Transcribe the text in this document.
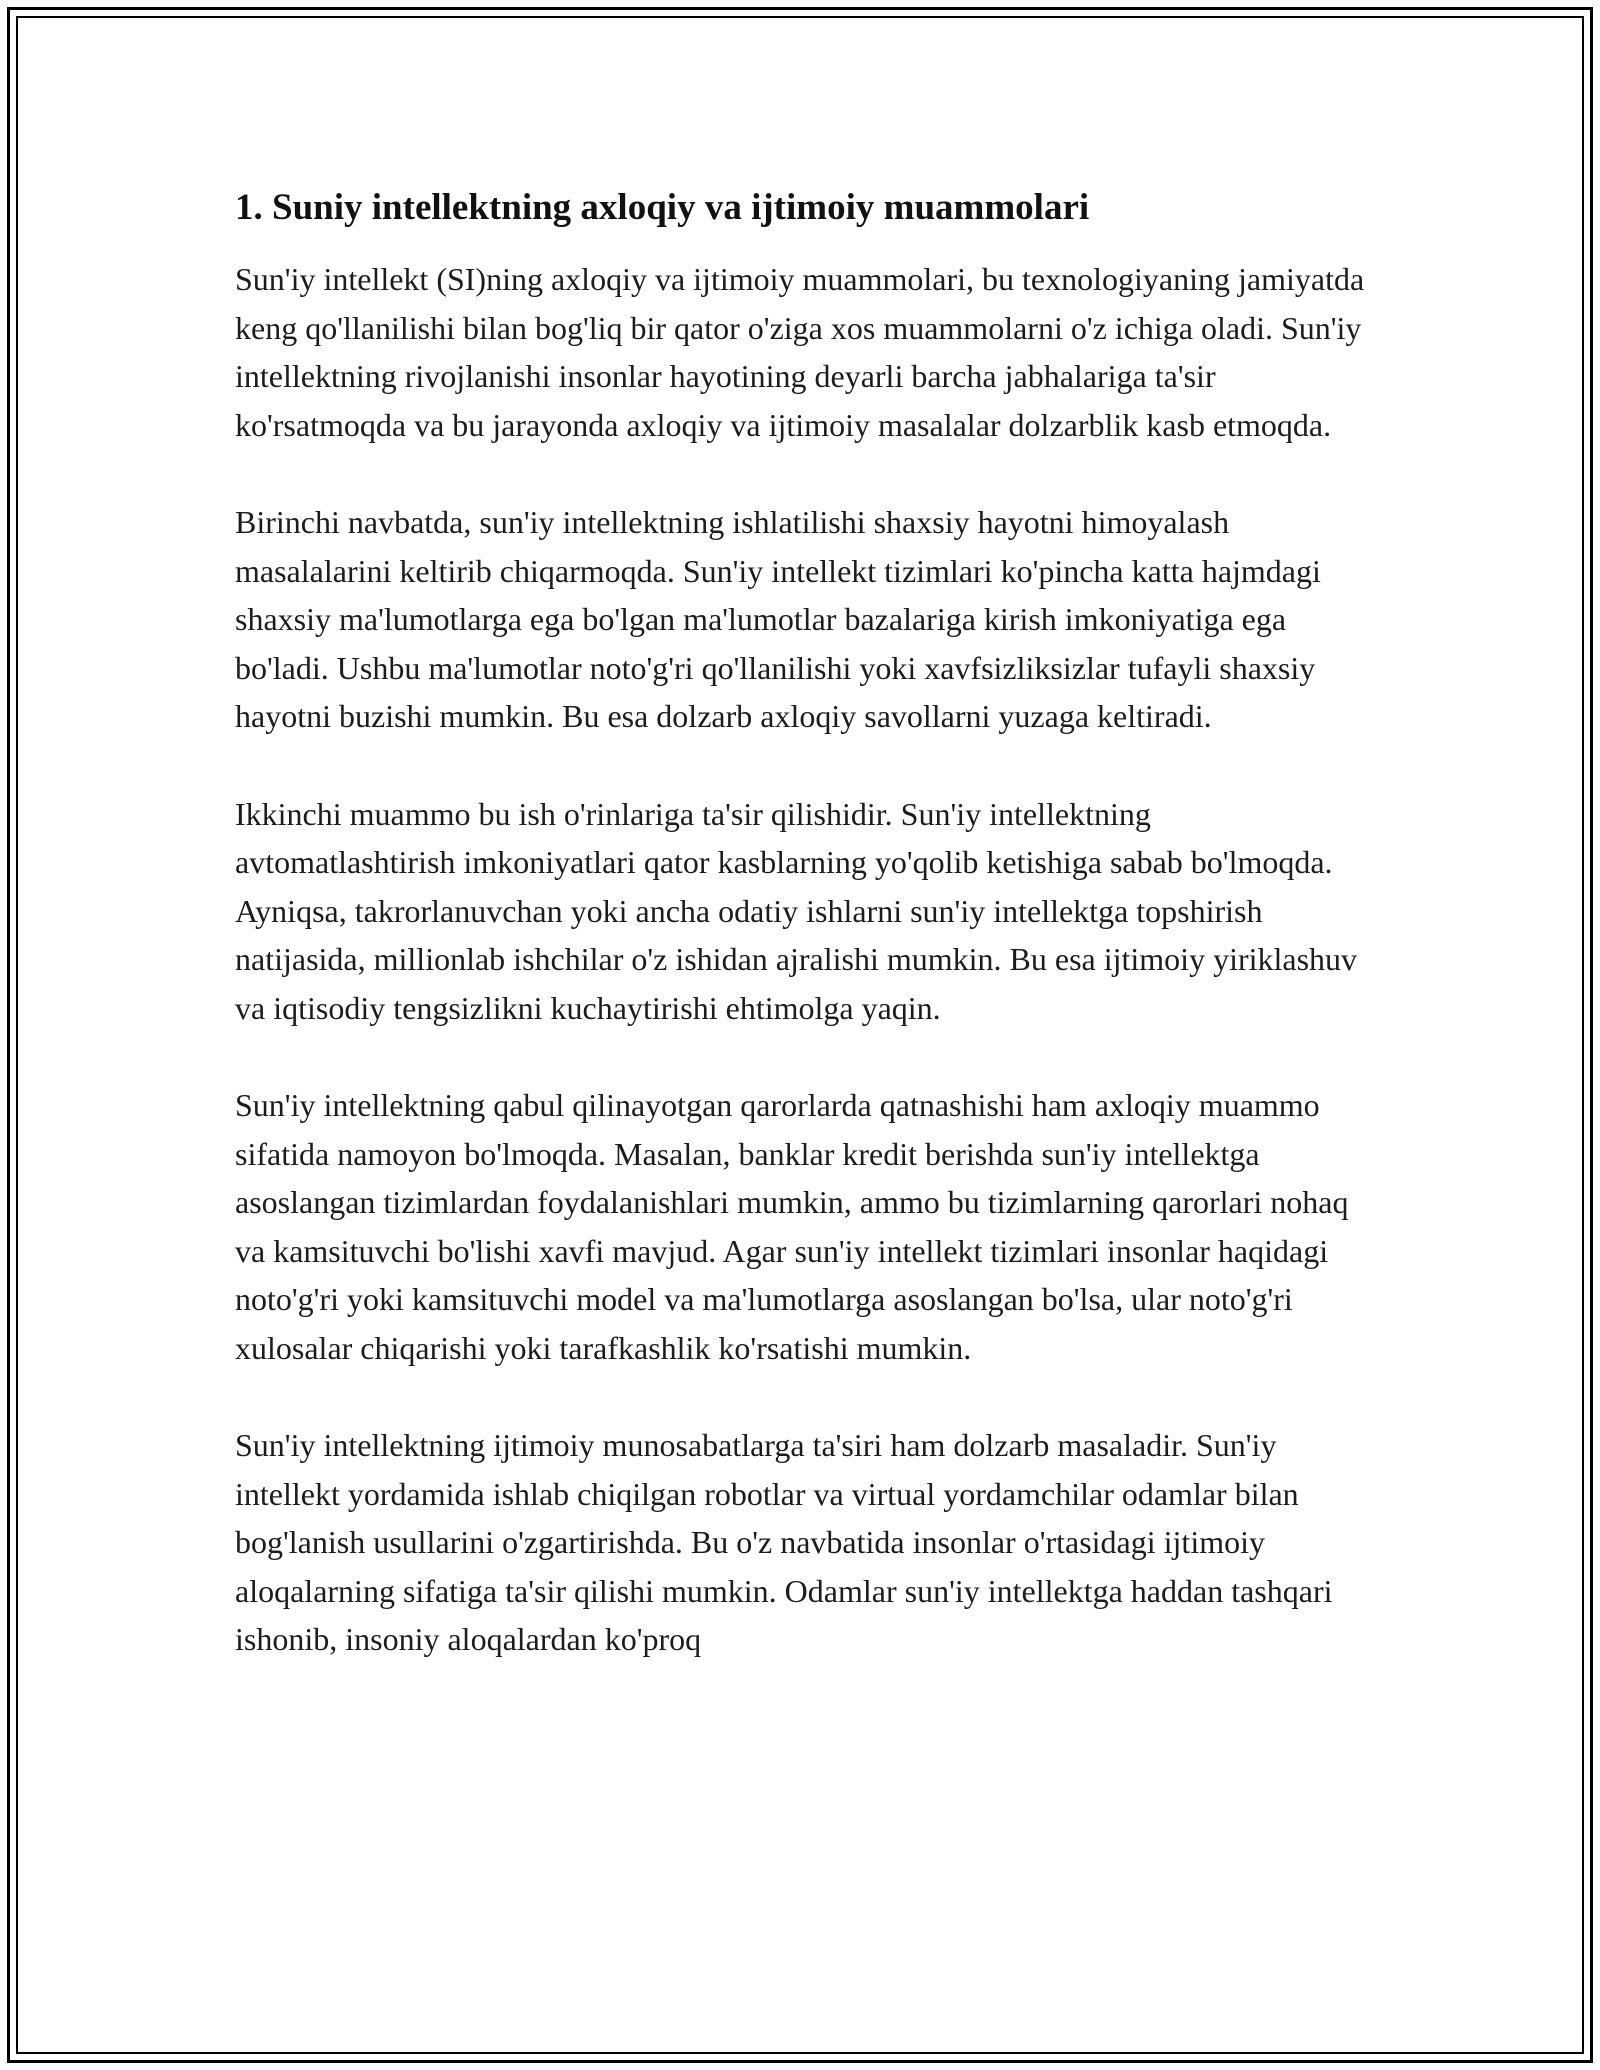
1. Suniy intellektning axloqiy va ijtimoiy muammolari

Sun'iy intellekt (SI)ning axloqiy va ijtimoiy muammolari, bu texnologiyaning jamiyatda keng qo'llanilishi bilan bog'liq bir qator o'ziga xos muammolarni o'z ichiga oladi. Sun'iy intellektning rivojlanishi insonlar hayotining deyarli barcha jabhalariga ta'sir ko'rsatmoqda va bu jarayonda axloqiy va ijtimoiy masalalar dolzarblik kasb etmoqda.

Birinchi navbatda, sun'iy intellektning ishlatilishi shaxsiy hayotni himoyalash masalalarini keltirib chiqarmoqda. Sun'iy intellekt tizimlari ko'pincha katta hajmdagi shaxsiy ma'lumotlarga ega bo'lgan ma'lumotlar bazalariga kirish imkoniyatiga ega bo'ladi. Ushbu ma'lumotlar noto'g'ri qo'llanilishi yoki xavfsizliksizlar tufayli shaxsiy hayotni buzishi mumkin. Bu esa dolzarb axloqiy savollarni yuzaga keltiradi.

Ikkinchi muammo bu ish o'rinlariga ta'sir qilishidir. Sun'iy intellektning avtomatlashtirish imkoniyatlari qator kasblarning yo'qolib ketishiga sabab bo'lmoqda. Ayniqsa, takrorlanuvchan yoki ancha odatiy ishlarni sun'iy intellektga topshirish natijasida, millionlab ishchilar o'z ishidan ajralishi mumkin. Bu esa ijtimoiy yiriklashuv va iqtisodiy tengsizlikni kuchaytirishi ehtimolga yaqin.

Sun'iy intellektning qabul qilinayotgan qarorlarda qatnashishi ham axloqiy muammo sifatida namoyon bo'lmoqda. Masalan, banklar kredit berishda sun'iy intellektga asoslangan tizimlardan foydalanishlari mumkin, ammo bu tizimlarning qarorlari nohaq va kamsituvchi bo'lishi xavfi mavjud. Agar sun'iy intellekt tizimlari insonlar haqidagi noto'g'ri yoki kamsituvchi model va ma'lumotlarga asoslangan bo'lsa, ular noto'g'ri xulosalar chiqarishi yoki tarafkashlik ko'rsatishi mumkin.

Sun'iy intellektning ijtimoiy munosabatlarga ta'siri ham dolzarb masaladir. Sun'iy intellekt yordamida ishlab chiqilgan robotlar va virtual yordamchilar odamlar bilan bog'lanish usullarini o'zgartirishda. Bu o'z navbatida insonlar o'rtasidagi ijtimoiy aloqalarning sifatiga ta'sir qilishi mumkin. Odamlar sun'iy intellektga haddan tashqari ishonib, insoniy aloqalardan ko'proq
